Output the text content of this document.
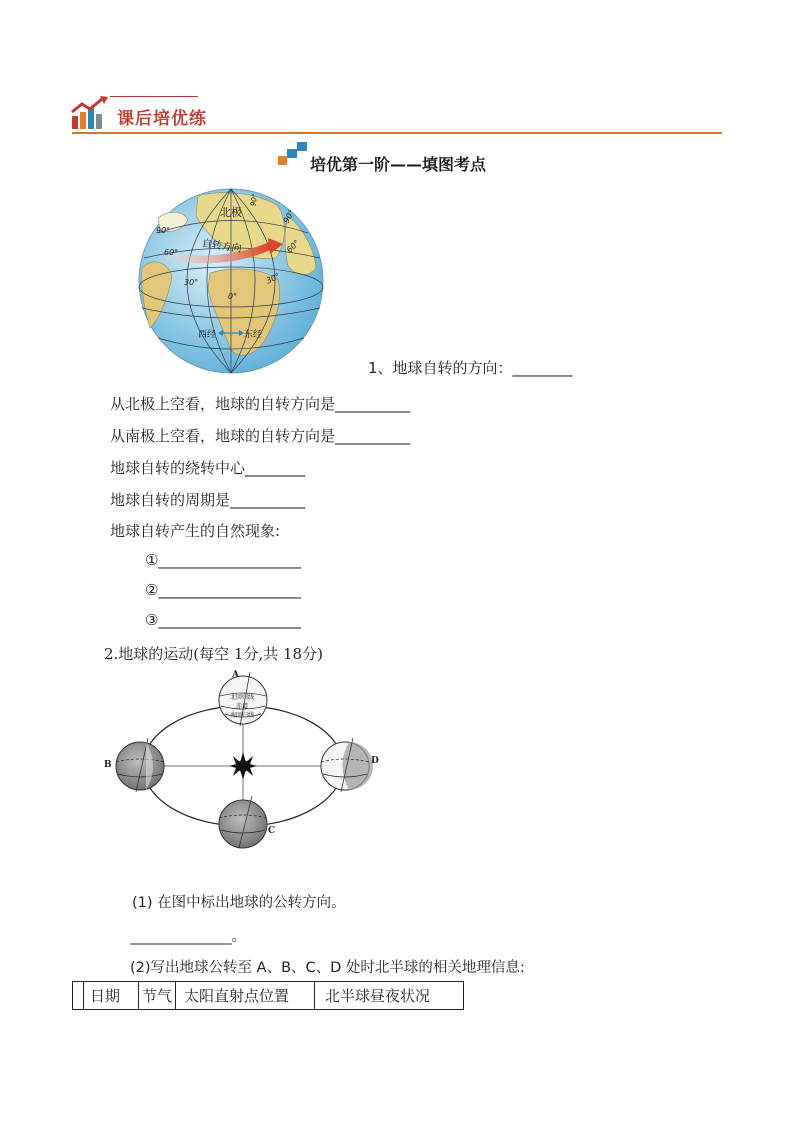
课后培优练
培优第一阶——填图考点
北极
自转方向
90°
60°
30°
0°
90°
60°
30°
90°
西经	东经
1、地球自转的方向：________
从北极上空看，地球的自转方向是__________
从南极上空看，地球的自转方向是__________
地球自转的绕转中心________
地球自转的周期是__________
地球自转产生的自然现象:
①___________________
②___________________
③___________________
2.地球的运动(每空 1分,共 18分)
A
B
C
D
北回归线
赤道
南回归线
(1) 在图中标出地球的公转方向。
______________。
(2)写出地球公转至 A、B、C、D 处时北半球的相关地理信息:
	日期	节气	太阳直射点位置	北半球昼夜状况
